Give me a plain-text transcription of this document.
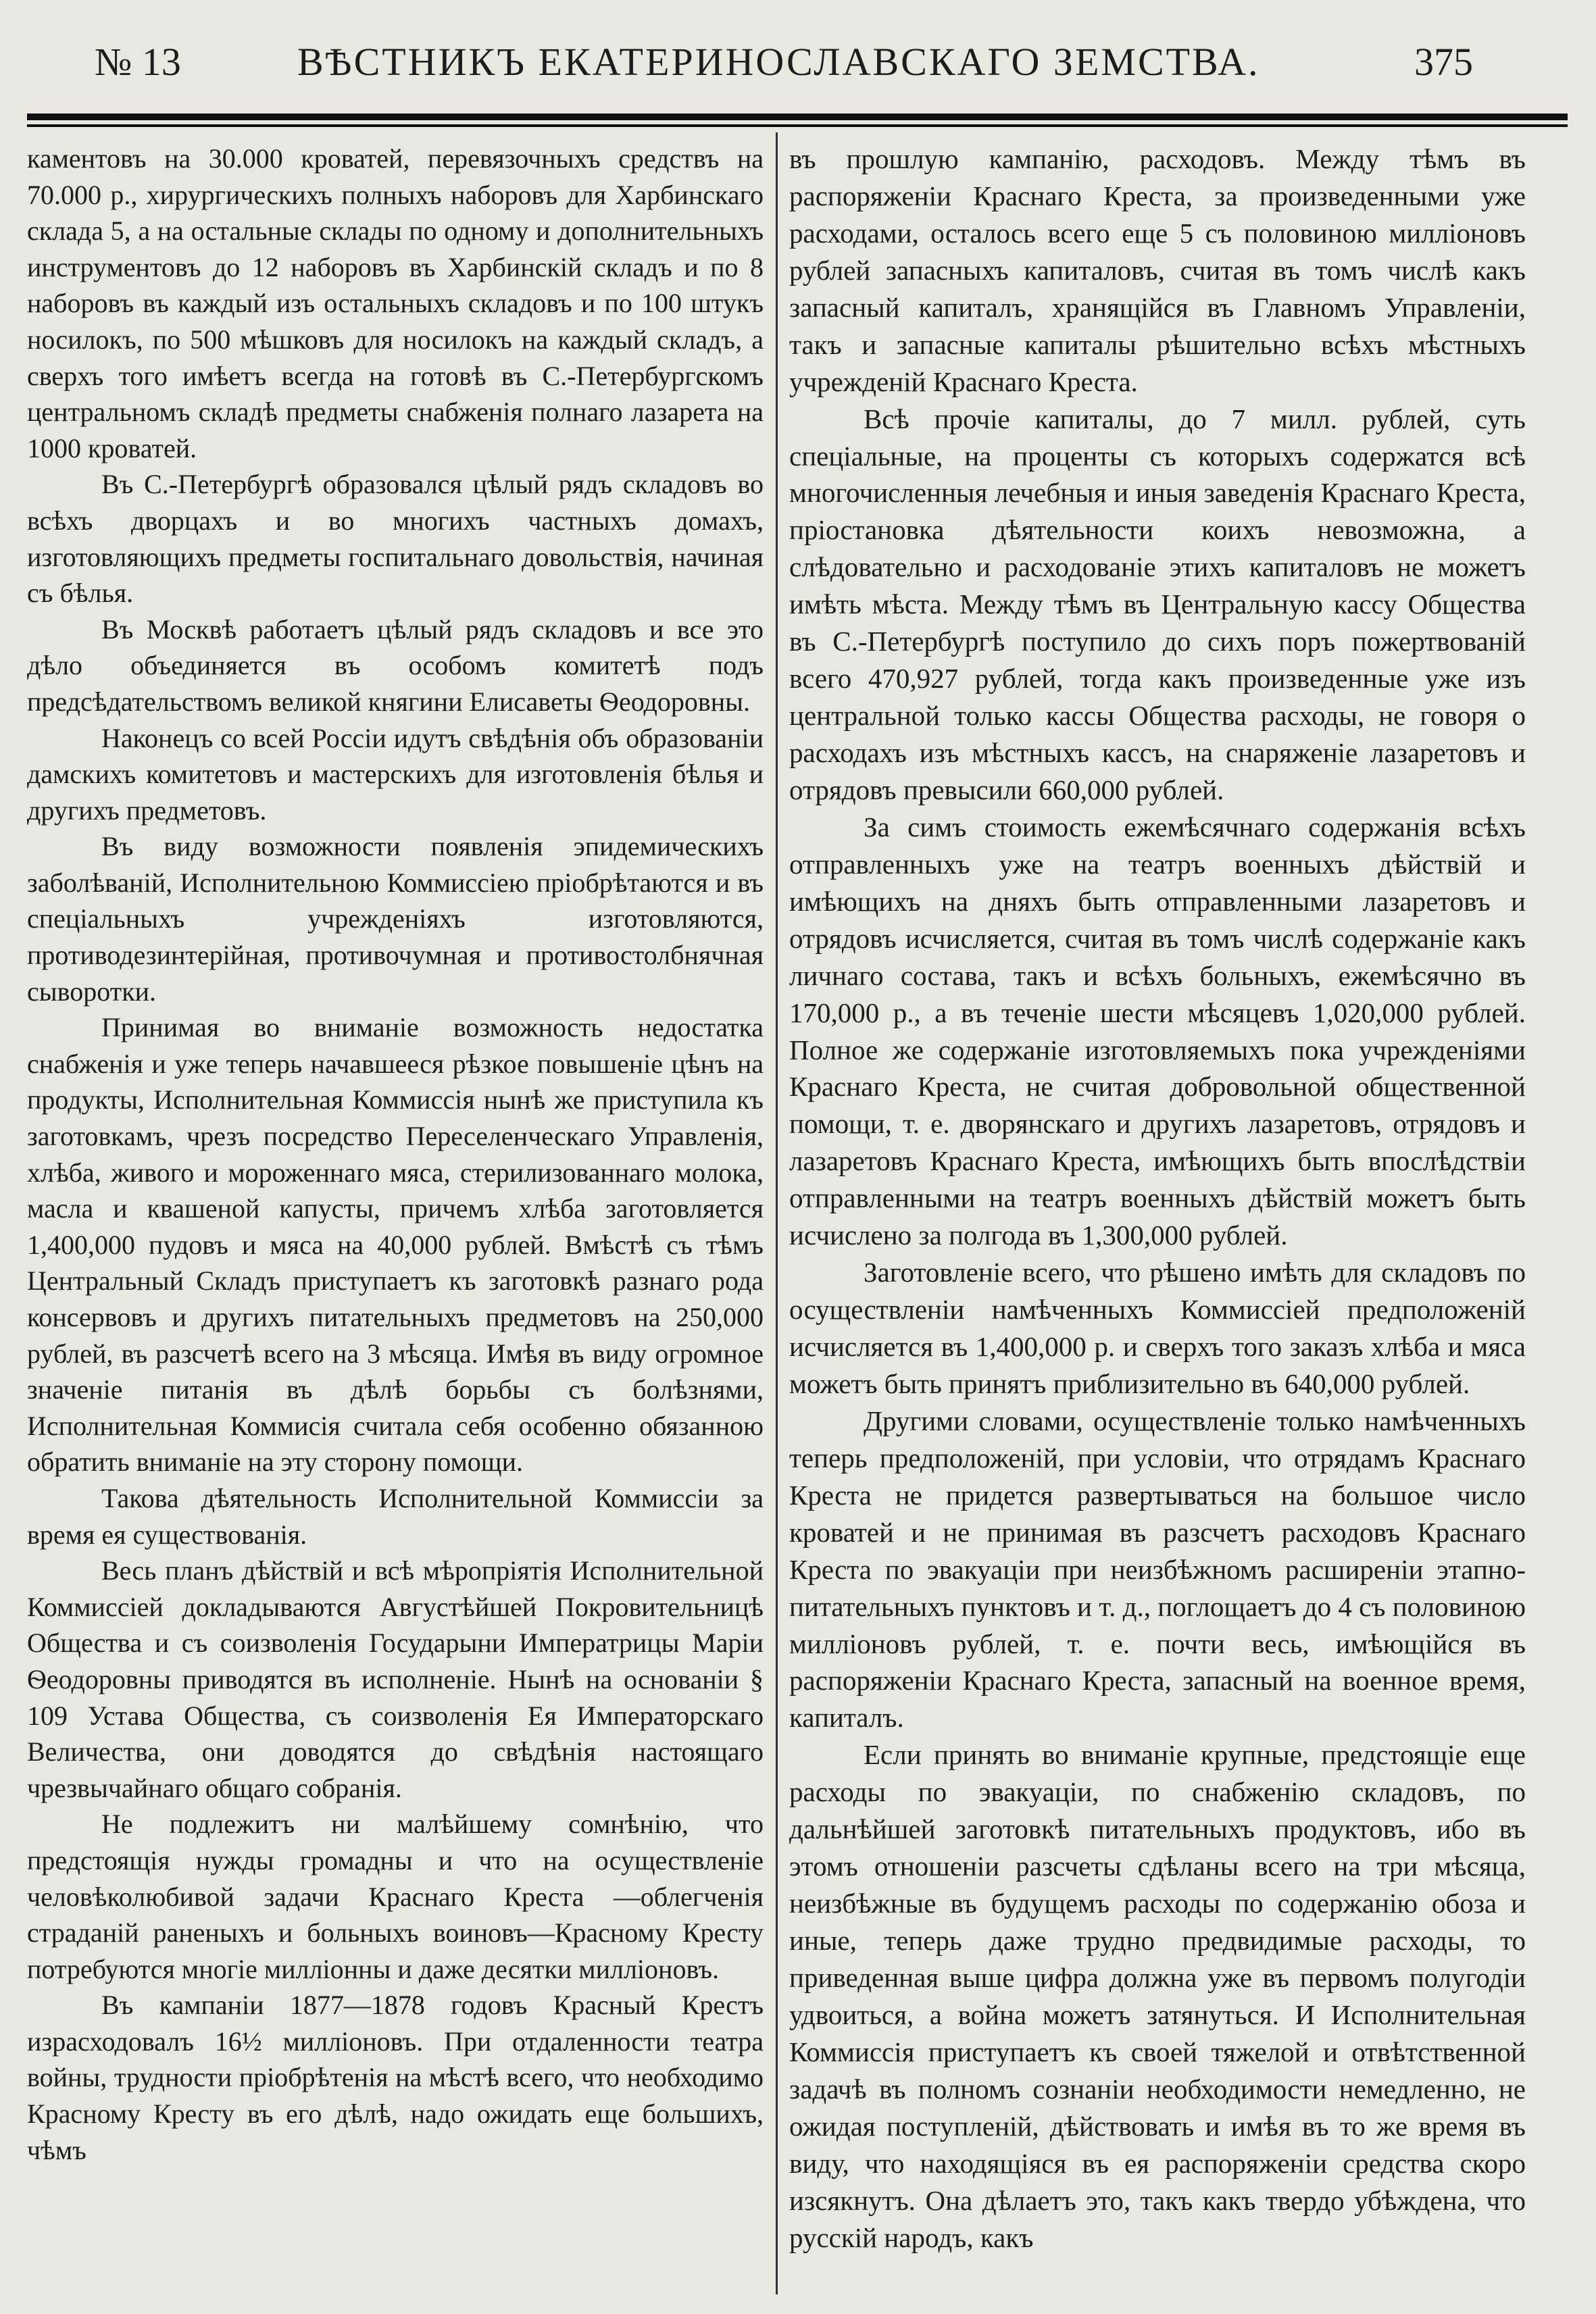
№ 13	ВѢСТНИКЪ ЕКАТЕРИНОСЛАВСКАГО ЗЕМСТВА.	375

каментовъ на 30.000 кроватей, перевязочныхъ средствъ на 70.000 р., хирургическихъ полныхъ наборовъ для Харбинскаго склада 5, а на остальные склады по одному и дополнительныхъ инструментовъ до 12 наборовъ въ Харбинскій складъ и по 8 наборовъ въ каждый изъ остальныхъ складовъ и по 100 штукъ носилокъ, по 500 мѣшковъ для носилокъ на каждый складъ, а сверхъ того имѣетъ всегда на готовѣ въ С.-Петербургскомъ центральномъ складѣ предметы снабженія полнаго лазарета на 1000 кроватей.

Въ С.-Петербургѣ образовался цѣлый рядъ складовъ во всѣхъ дворцахъ и во многихъ частныхъ домахъ, изготовляющихъ предметы госпитальнаго довольствія, начиная съ бѣлья.

Въ Москвѣ работаетъ цѣлый рядъ складовъ и все это дѣло объединяется въ особомъ комитетѣ подъ предсѣдательствомъ великой княгини Елисаветы Ѳеодоровны.

Наконецъ со всей Россіи идутъ свѣдѣнія объ образованіи дамскихъ комитетовъ и мастерскихъ для изготовленія бѣлья и другихъ предметовъ.

Въ виду возможности появленія эпидемическихъ заболѣваній, Исполнительною Коммиссіею пріобрѣтаются и въ спеціальныхъ учрежденіяхъ изготовляются, противодезинтерійная, противочумная и противостолбнячная сыворотки.

Принимая во вниманіе возможность недостатка снабженія и уже теперь начавшееся рѣзкое повышеніе цѣнъ на продукты, Исполнительная Коммиссія нынѣ же приступила къ заготовкамъ, чрезъ посредство Переселенческаго Управленія, хлѣба, живого и мороженнаго мяса, стерилизованнаго молока, масла и квашеной капусты, причемъ хлѣба заготовляется 1,400,000 пудовъ и мяса на 40,000 рублей. Вмѣстѣ съ тѣмъ Центральный Складъ приступаетъ къ заготовкѣ разнаго рода консервовъ и другихъ питательныхъ предметовъ на 250,000 рублей, въ разсчетѣ всего на 3 мѣсяца. Имѣя въ виду огромное значеніе питанія въ дѣлѣ борьбы съ болѣзнями, Исполнительная Коммисія считала себя особенно обязанною обратить вниманіе на эту сторону помощи.

Такова дѣятельность Исполнительной Коммиссіи за время ея существованія.

Весь планъ дѣйствій и всѣ мѣропріятія Исполнительной Коммиссіей докладываются Августѣйшей Покровительницѣ Общества и съ соизволенія Государыни Императрицы Маріи Ѳеодоровны приводятся въ исполненіе. Нынѣ на основаніи § 109 Устава Общества, съ соизволенія Ея Императорскаго Величества, они доводятся до свѣдѣнія настоящаго чрезвычайнаго общаго собранія.

Не подлежитъ ни малѣйшему сомнѣнію, что предстоящія нужды громадны и что на осуществленіе человѣколюбивой задачи Краснаго Креста —облегченія страданій раненыхъ и больныхъ воиновъ—Красному Кресту потребуются многіе милліонны и даже десятки милліоновъ.

Въ кампаніи 1877—1878 годовъ Красный Крестъ израсходовалъ 16½ милліоновъ. При отдаленности театра войны, трудности пріобрѣтенія на мѣстѣ всего, что необходимо Красному Кресту въ его дѣлѣ, надо ожидать еще большихъ, чѣмъ

въ прошлую кампанію, расходовъ. Между тѣмъ въ распоряженіи Краснаго Креста, за произведенными уже расходами, осталось всего еще 5 съ половиною милліоновъ рублей запасныхъ капиталовъ, считая въ томъ числѣ какъ запасный капиталъ, хранящійся въ Главномъ Управленіи, такъ и запасные капиталы рѣшительно всѣхъ мѣстныхъ учрежденій Краснаго Креста.

Всѣ прочіе капиталы, до 7 милл. рублей, суть спеціальные, на проценты съ которыхъ содержатся всѣ многочисленныя лечебныя и иныя заведенія Краснаго Креста, пріостановка дѣятельности коихъ невозможна, а слѣдовательно и расходованіе этихъ капиталовъ не можетъ имѣть мѣста. Между тѣмъ въ Центральную кассу Общества въ С.-Петербургѣ поступило до сихъ поръ пожертвованій всего 470,927 рублей, тогда какъ произведенные уже изъ центральной только кассы Общества расходы, не говоря о расходахъ изъ мѣстныхъ кассъ, на снаряженіе лазаретовъ и отрядовъ превысили 660,000 рублей.

За симъ стоимость ежемѣсячнаго содержанія всѣхъ отправленныхъ уже на театръ военныхъ дѣйствій и имѣющихъ на дняхъ быть отправленными лазаретовъ и отрядовъ исчисляется, считая въ томъ числѣ содержаніе какъ личнаго состава, такъ и всѣхъ больныхъ, ежемѣсячно въ 170,000 р., а въ теченіе шести мѣсяцевъ 1,020,000 рублей. Полное же содержаніе изготовляемыхъ пока учрежденіями Краснаго Креста, не считая добровольной общественной помощи, т. е. дворянскаго и другихъ лазаретовъ, отрядовъ и лазаретовъ Краснаго Креста, имѣющихъ быть впослѣдствіи отправленными на театръ военныхъ дѣйствій можетъ быть исчислено за полгода въ 1,300,000 рублей.

Заготовленіе всего, что рѣшено имѣть для складовъ по осуществленіи намѣченныхъ Коммиссіей предположеній исчисляется въ 1,400,000 р. и сверхъ того заказъ хлѣба и мяса можетъ быть принятъ приблизительно въ 640,000 рублей.

Другими словами, осуществленіе только намѣченныхъ теперь предположеній, при условіи, что отрядамъ Краснаго Креста не придется развертываться на большое число кроватей и не принимая въ разсчетъ расходовъ Краснаго Креста по эвакуаціи при неизбѣжномъ расширеніи этапно-питательныхъ пунктовъ и т. д., поглощаетъ до 4 съ половиною милліоновъ рублей, т. е. почти весь, имѣющійся въ распоряженіи Краснаго Креста, запасный на военное время, капиталъ.

Если принять во вниманіе крупные, предстоящіе еще расходы по эвакуаціи, по снабженію складовъ, по дальнѣйшей заготовкѣ питательныхъ продуктовъ, ибо въ этомъ отношеніи разсчеты сдѣланы всего на три мѣсяца, неизбѣжные въ будущемъ расходы по содержанію обоза и иные, теперь даже трудно предвидимые расходы, то приведенная выше цифра должна уже въ первомъ полугодіи удвоиться, а война можетъ затянуться. И Исполнительная Коммиссія приступаетъ къ своей тяжелой и отвѣтственной задачѣ въ полномъ сознаніи необходимости немедленно, не ожидая поступленій, дѣйствовать и имѣя въ то же время въ виду, что находящіяся въ ея распоряженіи средства скоро изсякнутъ. Она дѣлаетъ это, такъ какъ твердо убѣждена, что русскій народъ, какъ
